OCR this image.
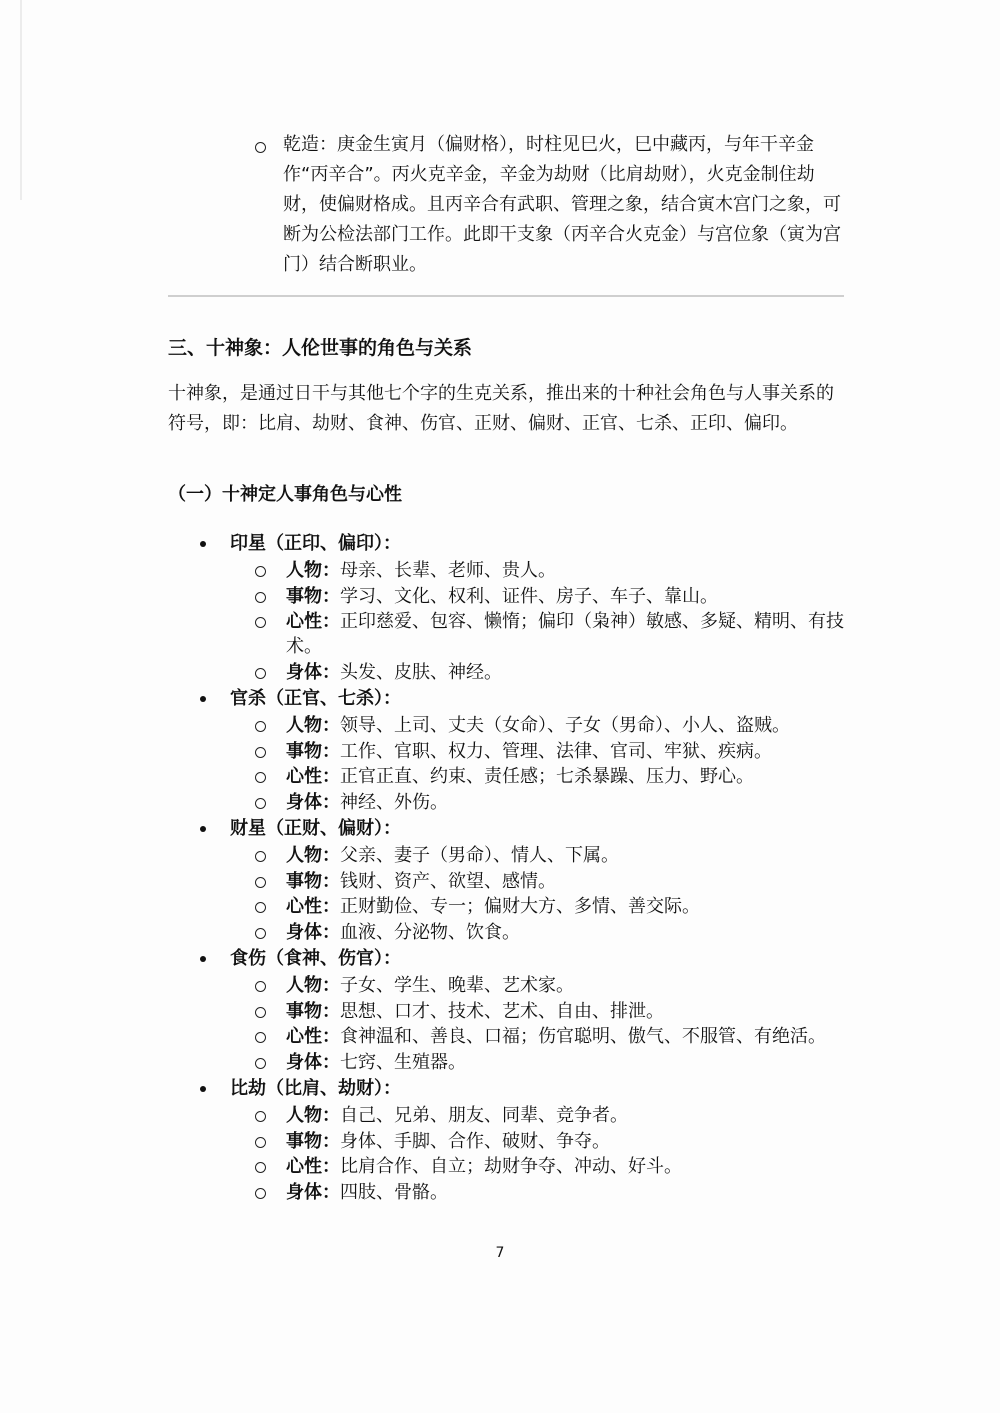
乾造：庚金生寅月（偏财格），时柱见巳火，巳中藏丙，与年干辛金作“丙辛合”。丙火克辛金，辛金为劫财（比肩劫财），火克金制住劫财，使偏财格成。且丙辛合有武职、管理之象，结合寅木宫门之象，可断为公检法部门工作。此即干支象（丙辛合火克金）与宫位象（寅为宫门）结合断职业。
三、十神象：人伦世事的角色与关系
十神象，是通过日干与其他七个字的生克关系，推出来的十种社会角色与人事关系的符号，即：比肩、劫财、食神、伤官、正财、偏财、正官、七杀、正印、偏印。
（一）十神定人事角色与心性
印星（正印、偏印）：
人物：母亲、长辈、老师、贵人。
事物：学习、文化、权利、证件、房子、车子、靠山。
心性：正印慈爱、包容、懒惰；偏印（枭神）敏感、多疑、精明、有技术。
身体：头发、皮肤、神经。
官杀（正官、七杀）：
人物：领导、上司、丈夫（女命）、子女（男命）、小人、盗贼。
事物：工作、官职、权力、管理、法律、官司、牢狱、疾病。
心性：正官正直、约束、责任感；七杀暴躁、压力、野心。
身体：神经、外伤。
财星（正财、偏财）：
人物：父亲、妻子（男命）、情人、下属。
事物：钱财、资产、欲望、感情。
心性：正财勤俭、专一；偏财大方、多情、善交际。
身体：血液、分泌物、饮食。
食伤（食神、伤官）：
人物：子女、学生、晚辈、艺术家。
事物：思想、口才、技术、艺术、自由、排泄。
心性：食神温和、善良、口福；伤官聪明、傲气、不服管、有绝活。
身体：七窍、生殖器。
比劫（比肩、劫财）：
人物：自己、兄弟、朋友、同辈、竞争者。
事物：身体、手脚、合作、破财、争夺。
心性：比肩合作、自立；劫财争夺、冲动、好斗。
身体：四肢、骨骼。
7
